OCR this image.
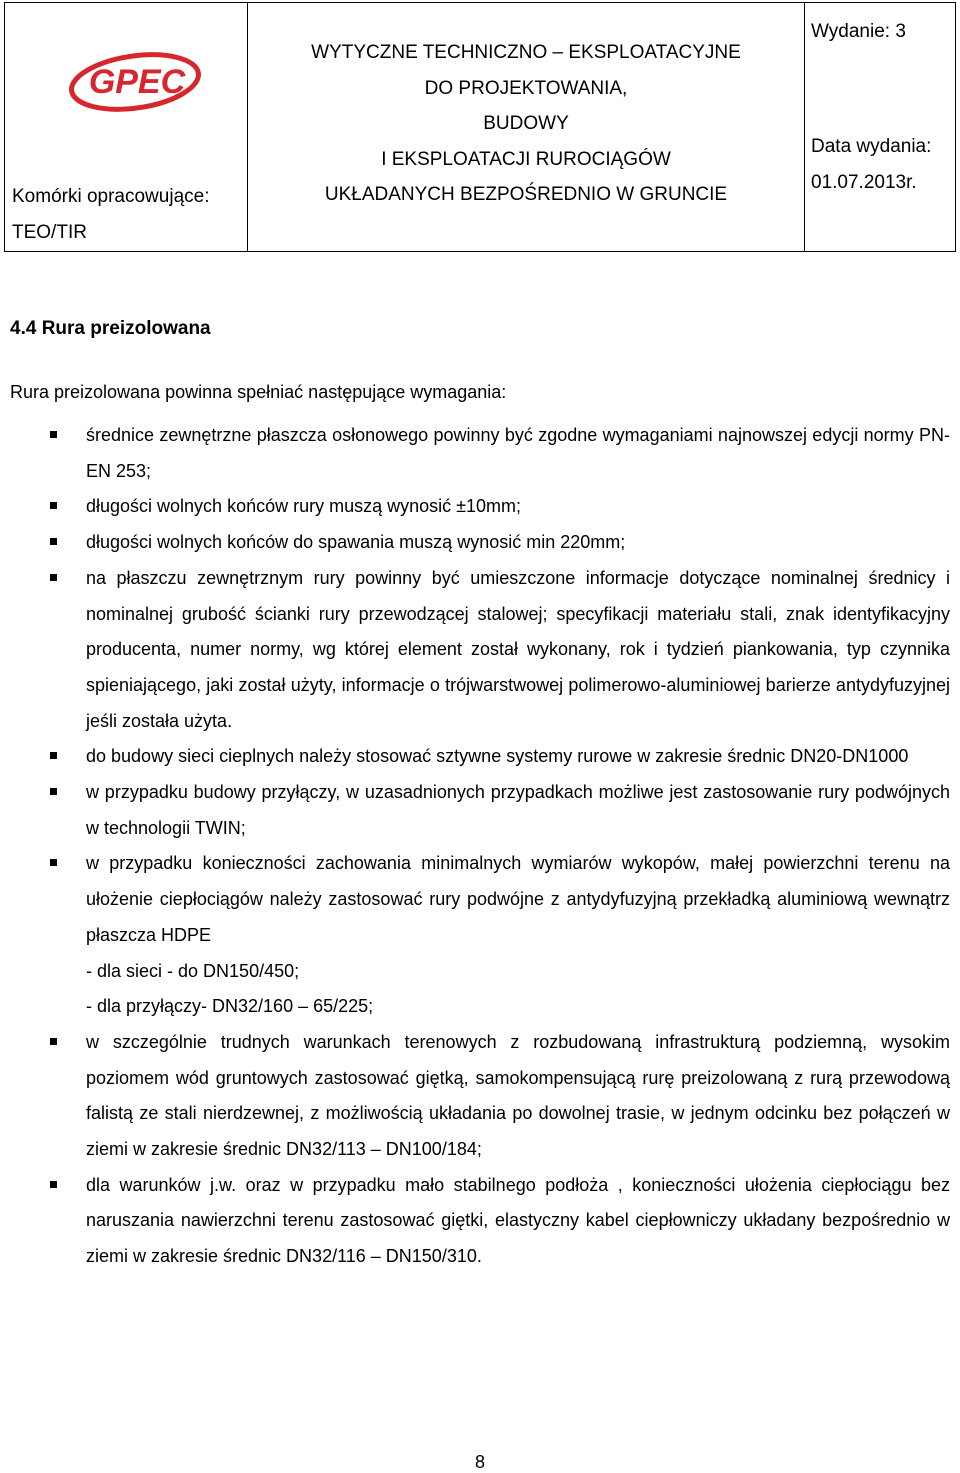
GPEC
Komórki opracowujące:
TEO/TIR
WYTYCZNE TECHNICZNO – EKSPLOATACYJNE
DO PROJEKTOWANIA,
BUDOWY
I EKSPLOATACJI RUROCIĄGÓW
UKŁADANYCH BEZPOŚREDNIO W GRUNCIE
Wydanie: 3
Data wydania:
01.07.2013r.
4.4 Rura preizolowana
Rura preizolowana powinna spełniać następujące wymagania:
średnice zewnętrzne płaszcza osłonowego powinny być zgodne wymaganiami najnowszej edycji normy PN-EN 253;
długości wolnych końców rury muszą wynosić ±10mm;
długości wolnych końców do spawania muszą wynosić min 220mm;
na płaszczu zewnętrznym rury powinny być umieszczone informacje dotyczące nominalnej średnicy i nominalnej grubość ścianki rury przewodzącej stalowej; specyfikacji materiału stali, znak identyfikacyjny producenta, numer normy, wg której element został wykonany, rok i tydzień piankowania, typ czynnika spieniającego, jaki został użyty, informacje o trójwarstwowej polimerowo-aluminiowej barierze antydyfuzyjnej jeśli została użyta.
do budowy sieci cieplnych należy stosować sztywne systemy rurowe w zakresie średnic DN20-DN1000
w przypadku budowy przyłączy, w uzasadnionych przypadkach możliwe jest zastosowanie rury podwójnych w technologii TWIN;
w przypadku konieczności zachowania minimalnych wymiarów wykopów, małej powierzchni terenu na ułożenie ciepłociągów należy zastosować rury podwójne z antydyfuzyjną przekładką aluminiową wewnątrz płaszcza HDPE
- dla sieci - do DN150/450;
- dla przyłączy- DN32/160 – 65/225;
w szczególnie trudnych warunkach terenowych z rozbudowaną infrastrukturą podziemną, wysokim poziomem wód gruntowych zastosować giętką, samokompensującą rurę preizolowaną z rurą przewodową falistą ze stali nierdzewnej, z możliwością układania po dowolnej trasie, w jednym odcinku bez połączeń w ziemi w zakresie średnic DN32/113 – DN100/184;
dla warunków j.w. oraz w przypadku mało stabilnego podłoża , konieczności ułożenia ciepłociągu bez naruszania nawierzchni terenu zastosować giętki, elastyczny kabel ciepłowniczy układany bezpośrednio w ziemi w zakresie średnic DN32/116 – DN150/310.
8
